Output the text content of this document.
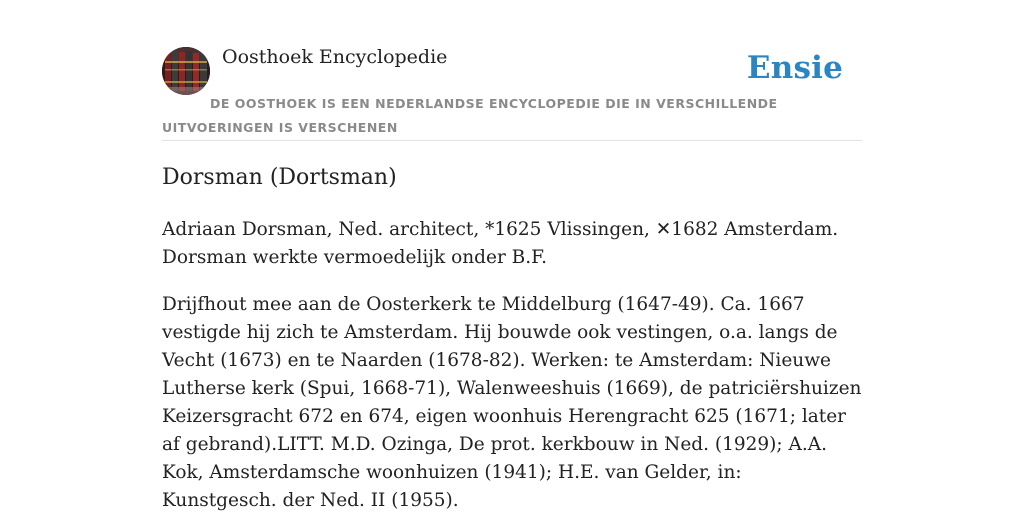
Oosthoek Encyclopedie	Ensie
DE OOSTHOEK IS EEN NEDERLANDSE ENCYCLOPEDIE DIE IN VERSCHILLENDE UITVOERINGEN IS VERSCHENEN
Dorsman (Dortsman)

Adriaan Dorsman, Ned. architect, *1625 Vlissingen, ✕1682 Amsterdam. Dorsman werkte vermoedelijk onder B.F.

Drijfhout mee aan de Oosterkerk te Middelburg (1647-49). Ca. 1667 vestigde hij zich te Amsterdam. Hij bouwde ook vestingen, o.a. langs de Vecht (1673) en te Naarden (1678-82). Werken: te Amsterdam: Nieuwe Lutherse kerk (Spui, 1668-71), Walenweeshuis (1669), de patriciërshuizen Keizersgracht 672 en 674, eigen woonhuis Herengracht 625 (1671; later af gebrand).LITT. M.D. Ozinga, De prot. kerkbouw in Ned. (1929); A.A. Kok, Amsterdamsche woonhuizen (1941); H.E. van Gelder, in: Kunstgesch. der Ned. II (1955).
